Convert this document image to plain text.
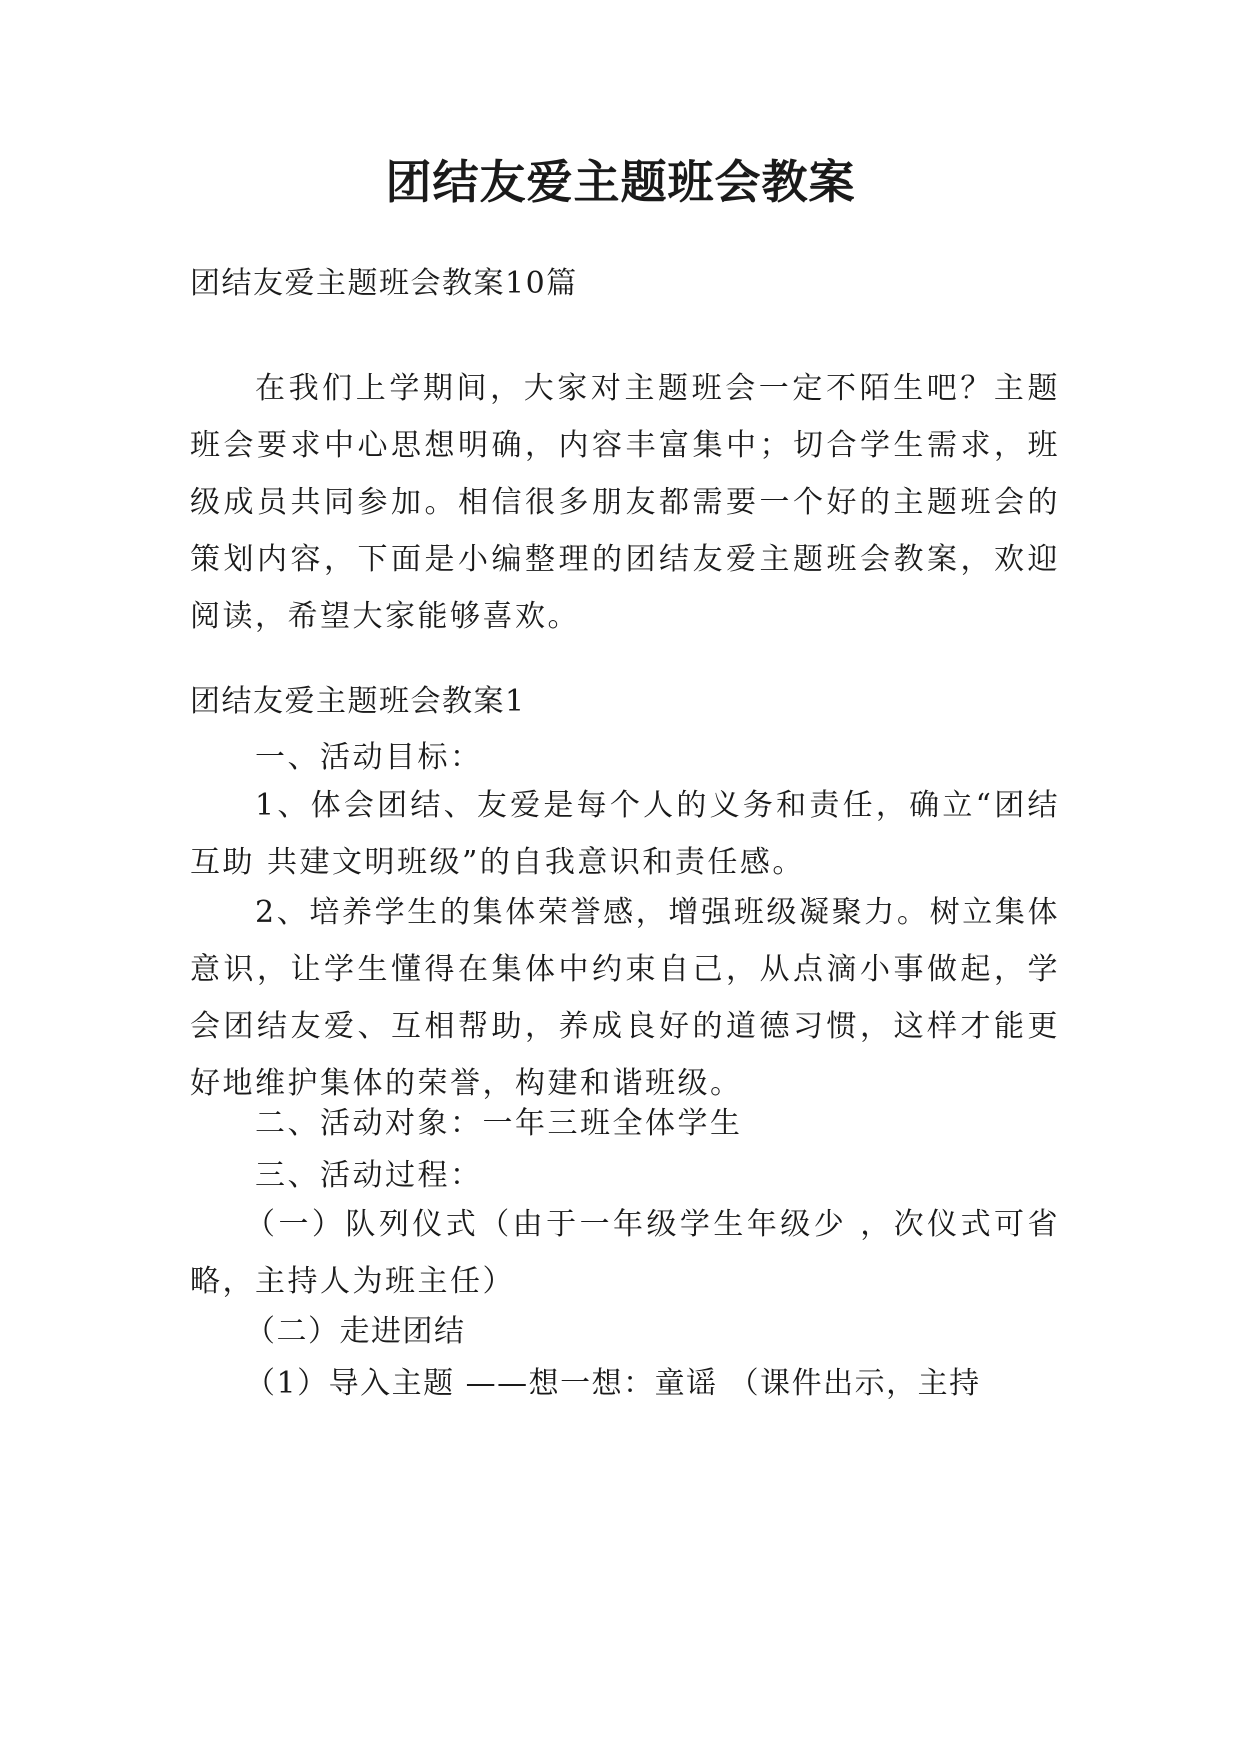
团结友爱主题班会教案

团结友爱主题班会教案10篇

在我们上学期间，大家对主题班会一定不陌生吧？主题班会要求中心思想明确，内容丰富集中；切合学生需求，班级成员共同参加。相信很多朋友都需要一个好的主题班会的策划内容，下面是小编整理的团结友爱主题班会教案，欢迎阅读，希望大家能够喜欢。

团结友爱主题班会教案1

一、活动目标：

1、体会团结、友爱是每个人的义务和责任，确立“团结互助 共建文明班级”的自我意识和责任感。

2、培养学生的集体荣誉感，增强班级凝聚力。树立集体意识，让学生懂得在集体中约束自己，从点滴小事做起，学会团结友爱、互相帮助，养成良好的道德习惯，这样才能更好地维护集体的荣誉，构建和谐班级。

二、活动对象：一年三班全体学生

三、活动过程：

（一）队列仪式（由于一年级学生年级少 ，次仪式可省略，主持人为班主任）

（二）走进团结

（1）导入主题 ——想一想：童谣 （课件出示，主持
